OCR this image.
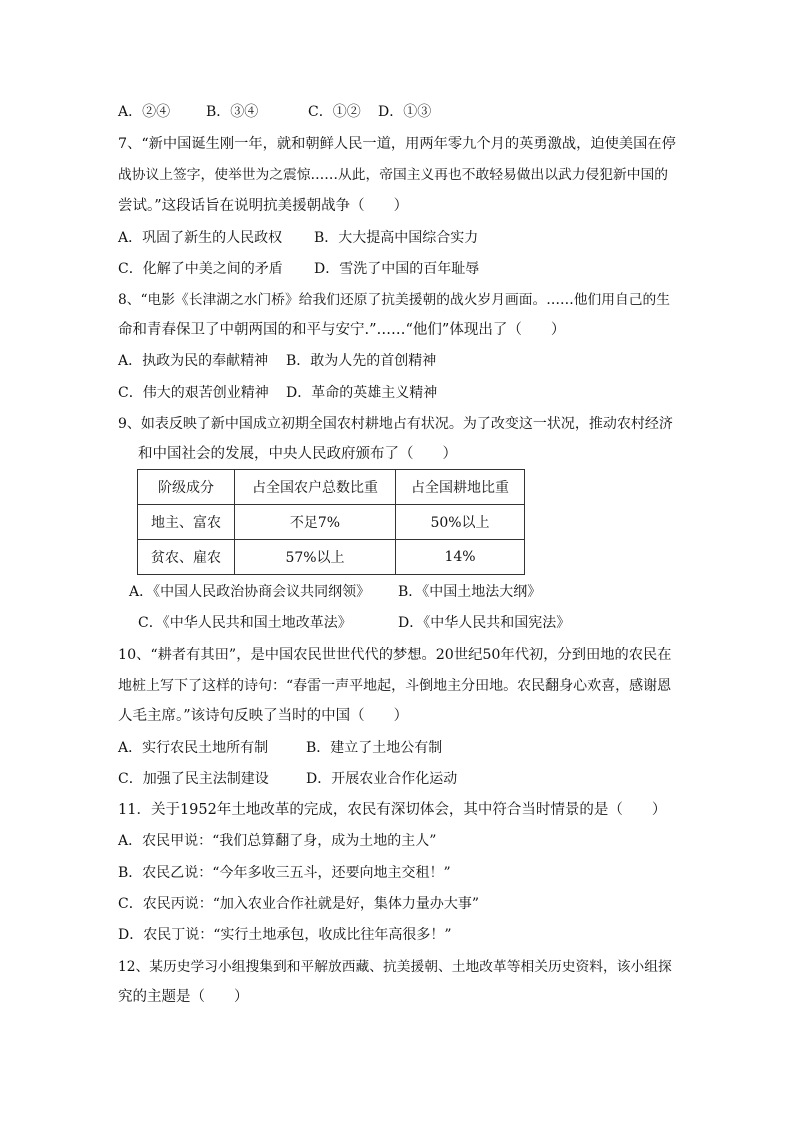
A．②④	B．③④	C．①② D．①③
7、“新中国诞生刚一年，就和朝鲜人民一道，用两年零九个月的英勇激战，迫使美国在停
战协议上签字，使举世为之震惊……从此，帝国主义再也不敢轻易做出以武力侵犯新中国的
尝试。”这段话旨在说明抗美援朝战争（　　）
A．巩固了新生的人民政权 B．大大提高中国综合实力
C．化解了中美之间的矛盾 D．雪洗了中国的百年耻辱
8、“电影《长津湖之水门桥》给我们还原了抗美援朝的战火岁月画面。……他们用自己的生
命和青春保卫了中朝两国的和平与安宁.”……“他们”体现出了（　　）
A．执政为民的奉献精神 B．敢为人先的首创精神
C．伟大的艰苦创业精神 D．革命的英雄主义精神
9、如表反映了新中国成立初期全国农村耕地占有状况。为了改变这一状况，推动农村经济
和中国社会的发展，中央人民政府颁布了（　　）
阶级成分	占全国农户总数比重	占全国耕地比重
地主、富农	不足7%	50%以上
贫农、雇农	57%以上	14%
A．《中国人民政治协商会议共同纲领》 B．《中国土地法大纲》
C．《中华人民共和国土地改革法》	D．《中华人民共和国宪法》
10、“耕者有其田”，是中国农民世世代代的梦想。20世纪50年代初，分到田地的农民在
地桩上写下了这样的诗句：“春雷一声平地起，斗倒地主分田地。农民翻身心欢喜，感谢恩
人毛主席。”该诗句反映了当时的中国（　　）
A．实行农民土地所有制	B．建立了土地公有制
C．加强了民主法制建设	D．开展农业合作化运动
11．关于1952年土地改革的完成，农民有深切体会，其中符合当时情景的是（　　）
A．农民甲说：“我们总算翻了身，成为土地的主人”
B．农民乙说：“今年多收三五斗，还要向地主交租！”
C．农民丙说：“加入农业合作社就是好，集体力量办大事”
D．农民丁说：“实行土地承包，收成比往年高很多！”
12、某历史学习小组搜集到和平解放西藏、抗美援朝、土地改革等相关历史资料，该小组探
究的主题是（　　）
